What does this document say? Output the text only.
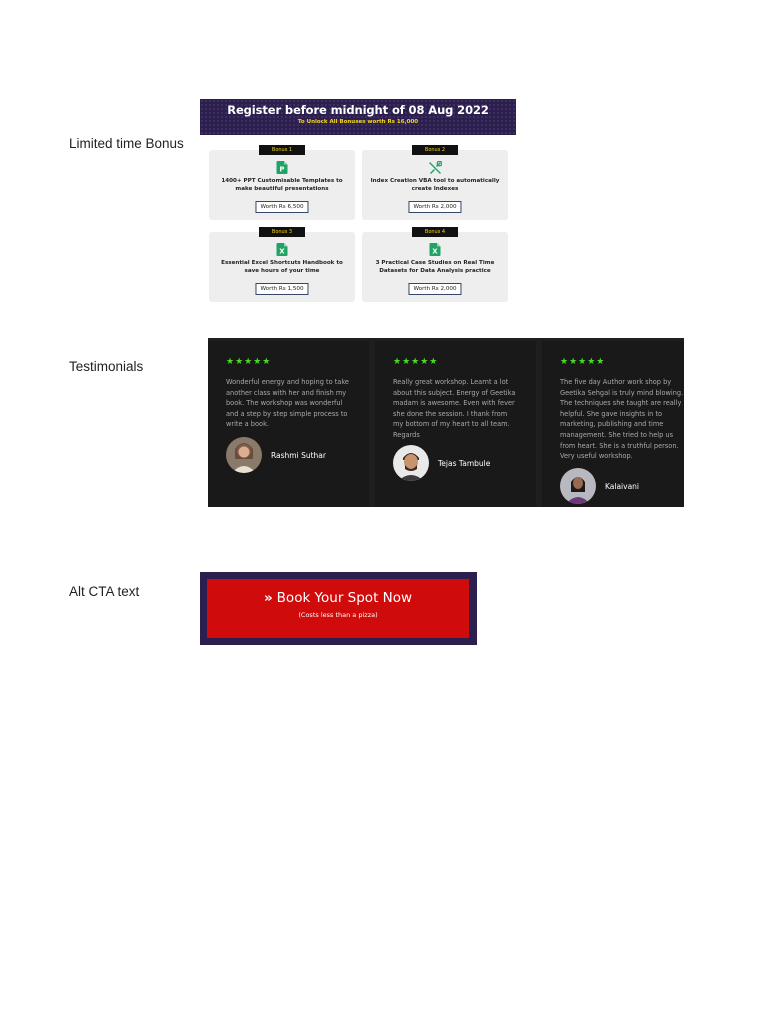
Limited time Bonus
Testimonials
Alt CTA text
Register before midnight of 08 Aug 2022
To Unlock All Bonuses worth Rs 16,000
Bonus 1
P
1400+ PPT Customisable Templates to make beautiful presentations
Worth Rs 6,500
Bonus 2
Index Creation VBA tool to automatically create Indexes
Worth Rs 2,000
Bonus 3
X
Essential Excel Shortcuts Handbook to save hours of your time
Worth Rs 1,500
Bonus 4
X
3 Practical Case Studies on Real Time Datasets for Data Analysis practice
Worth Rs 2,000
★★★★★
Wonderful energy and hoping to take another class with her and finish my book. The workshop was wonderful and a step by step simple process to write a book.
Rashmi Suthar
★★★★★
Really great workshop. Learnt a lot about this subject. Energy of Geetika madam is awesome. Even with fever she done the session. I thank from my bottom of my heart to all team. Regards
Tejas Tambule
★★★★★
The five day Author work shop by Geetika Sehgal is truly mind blowing. The techniques she taught are really helpful. She gave insights in to marketing, publishing and time management. She tried to help us from heart. She is a truthful person. Very useful workshop.
Kalaivani
» Book Your Spot Now
(Costs less than a pizza)
